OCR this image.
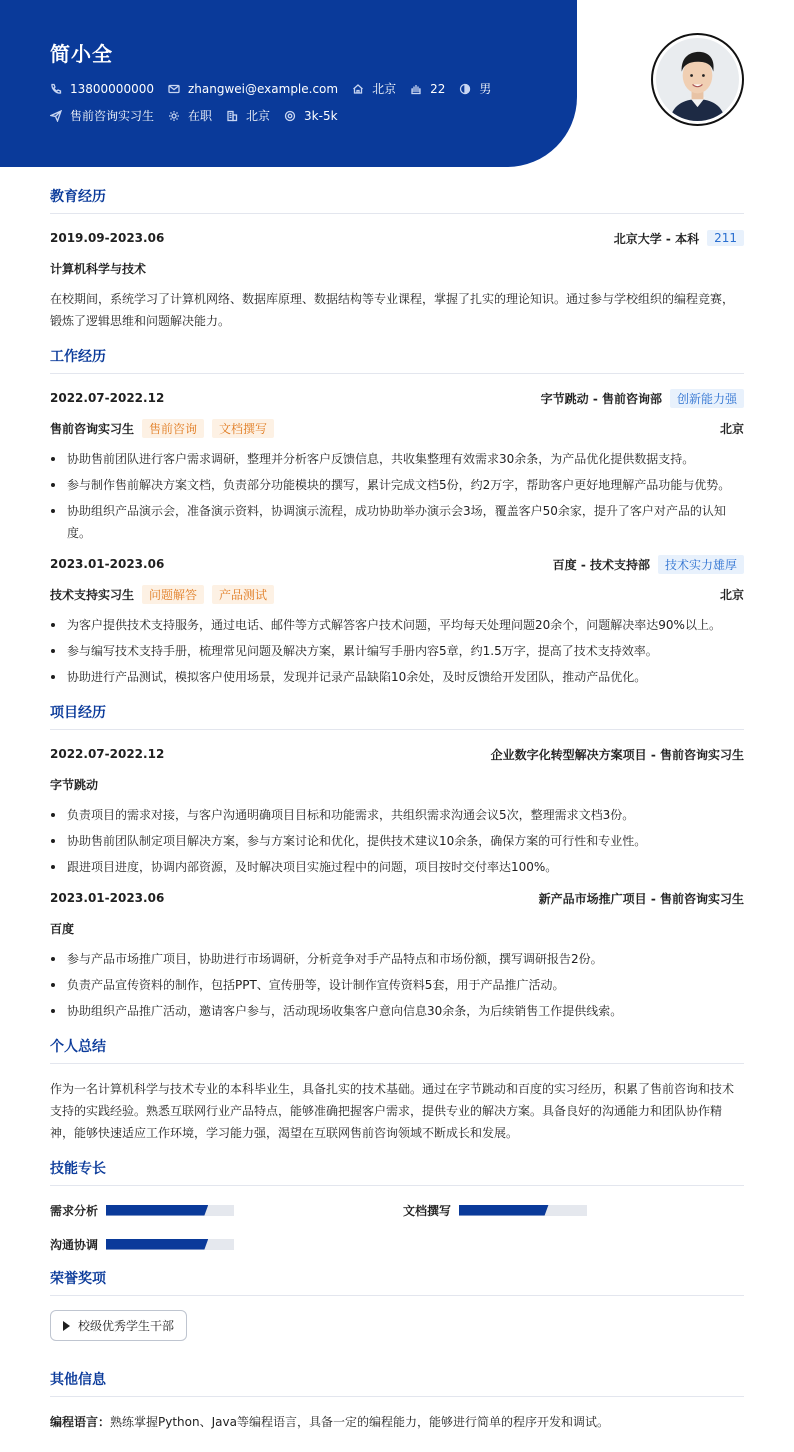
简小全
13800000000	zhangwei@example.com	北京	22	男
售前咨询实习生	在职	北京	3k-5k
教育经历
2019.09-2023.06	北京大学 - 本科	211
计算机科学与技术
在校期间，系统学习了计算机网络、数据库原理、数据结构等专业课程，掌握了扎实的理论知识。通过参与学校组织的编程竞赛，锻炼了逻辑思维和问题解决能力。
工作经历
2022.07-2022.12	字节跳动 - 售前咨询部	创新能力强
售前咨询实习生	售前咨询	文档撰写	北京
协助售前团队进行客户需求调研，整理并分析客户反馈信息，共收集整理有效需求30余条，为产品优化提供数据支持。
参与制作售前解决方案文档，负责部分功能模块的撰写，累计完成文档5份，约2万字，帮助客户更好地理解产品功能与优势。
协助组织产品演示会，准备演示资料，协调演示流程，成功协助举办演示会3场，覆盖客户50余家，提升了客户对产品的认知度。
2023.01-2023.06	百度 - 技术支持部	技术实力雄厚
技术支持实习生	问题解答	产品测试	北京
为客户提供技术支持服务，通过电话、邮件等方式解答客户技术问题，平均每天处理问题20余个，问题解决率达90%以上。
参与编写技术支持手册，梳理常见问题及解决方案，累计编写手册内容5章，约1.5万字，提高了技术支持效率。
协助进行产品测试，模拟客户使用场景，发现并记录产品缺陷10余处，及时反馈给开发团队，推动产品优化。
项目经历
2022.07-2022.12	企业数字化转型解决方案项目 - 售前咨询实习生
字节跳动
负责项目的需求对接，与客户沟通明确项目目标和功能需求，共组织需求沟通会议5次，整理需求文档3份。
协助售前团队制定项目解决方案，参与方案讨论和优化，提供技术建议10余条，确保方案的可行性和专业性。
跟进项目进度，协调内部资源，及时解决项目实施过程中的问题，项目按时交付率达100%。
2023.01-2023.06	新产品市场推广项目 - 售前咨询实习生
百度
参与产品市场推广项目，协助进行市场调研，分析竞争对手产品特点和市场份额，撰写调研报告2份。
负责产品宣传资料的制作，包括PPT、宣传册等，设计制作宣传资料5套，用于产品推广活动。
协助组织产品推广活动，邀请客户参与，活动现场收集客户意向信息30余条，为后续销售工作提供线索。
个人总结
作为一名计算机科学与技术专业的本科毕业生，具备扎实的技术基础。通过在字节跳动和百度的实习经历，积累了售前咨询和技术支持的实践经验。熟悉互联网行业产品特点，能够准确把握客户需求，提供专业的解决方案。具备良好的沟通能力和团队协作精神，能够快速适应工作环境，学习能力强，渴望在互联网售前咨询领域不断成长和发展。
技能专长
需求分析	文档撰写
沟通协调
荣誉奖项
校级优秀学生干部
其他信息
编程语言：熟练掌握Python、Java等编程语言，具备一定的编程能力，能够进行简单的程序开发和调试。
